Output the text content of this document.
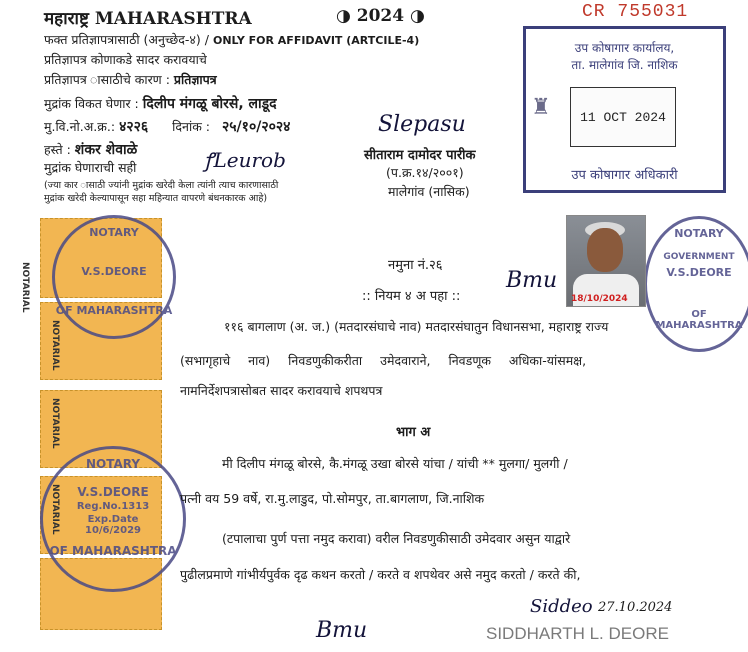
महाराष्ट्र MAHARASHTRA	◑ 2024 ◑	CR 755031
फक्त प्रतिज्ञापत्रासाठी (अनुच्छेद-४) / ONLY FOR AFFIDAVIT (ARTCILE-4)
प्रतिज्ञापत्र कोणाकडे सादर करावयाचे
प्रतिज्ञापत्र ासाठीचे कारण : प्रतिज्ञापत्र
मुद्रांक विकत घेणार : दिलीप मंगळू बोरसे, लाडूद
मु.वि.नो.अ.क्र.: ४२२६ दिनांक : २५/१०/२०२४
हस्ते : शंकर शेवाळे
मुद्रांक घेणाराची सही	ꝭLeurob
(ज्या कार ासाठी ज्यांनी मुद्रांक खरेदी केला त्यांनी त्याच कारणासाठी
मुद्रांक खरेदी केल्यापासून सहा महिन्यात वापरणे बंधनकारक आहे)
Slepasu
सीताराम दामोदर पारीक
(प.क्र.१४/२००१)
मालेगांव (नासिक)
उप कोषागार कार्यालय,
ता. मालेगांव जि. नाशिक
11 OCT 2024
♜
उप कोषागार अधिकारी
NOTARIAL
NOTARIAL
NOTARIAL
NOTARIAL
NOTARY
V.S.DEORE
OF MAHARASHTRA
NOTARY
V.S.DEORE
Reg.No.1313
Exp.Date
10/6/2029
OF MAHARASHTRA
NOTARY
GOVERNMENT
V.S.DEORE
OF MAHARASHTRA
18/10/2024
Bmu
नमुना नं.२६
:: नियम ४ अ पहा ::
११६ बागलाण (अ. ज.) (मतदारसंघाचे नाव) मतदारसंघातुन विधानसभा, महाराष्ट्र राज्य
(सभागृहाचे नाव) निवडणुकीकरीता उमेदवाराने, निवडणूक अधिका-यांसमक्ष,
नामनिर्देशपत्रासोबत सादर करावयाचे शपथपत्र
भाग अ
मी दिलीप मंगळू बोरसे, कै.मंगळू उखा बोरसे यांचा / यांची ** मुलगा/ मुलगी /
पत्नी वय 59 वर्षे, रा.मु.लाडुद, पो.सोमपुर, ता.बागलाण, जि.नाशिक
(टपालाचा पुर्ण पत्ता नमुद करावा) वरील निवडणुकीसाठी उमेदवार असुन याद्वारे
पुढीलप्रमाणे गांभीर्यपुर्वक दृढ कथन करतो / करते व शपथेवर असे नमुद करतो / करते की,
Siddeo 27.10.2024
Bmu	SIDDHARTH L. DEORE
